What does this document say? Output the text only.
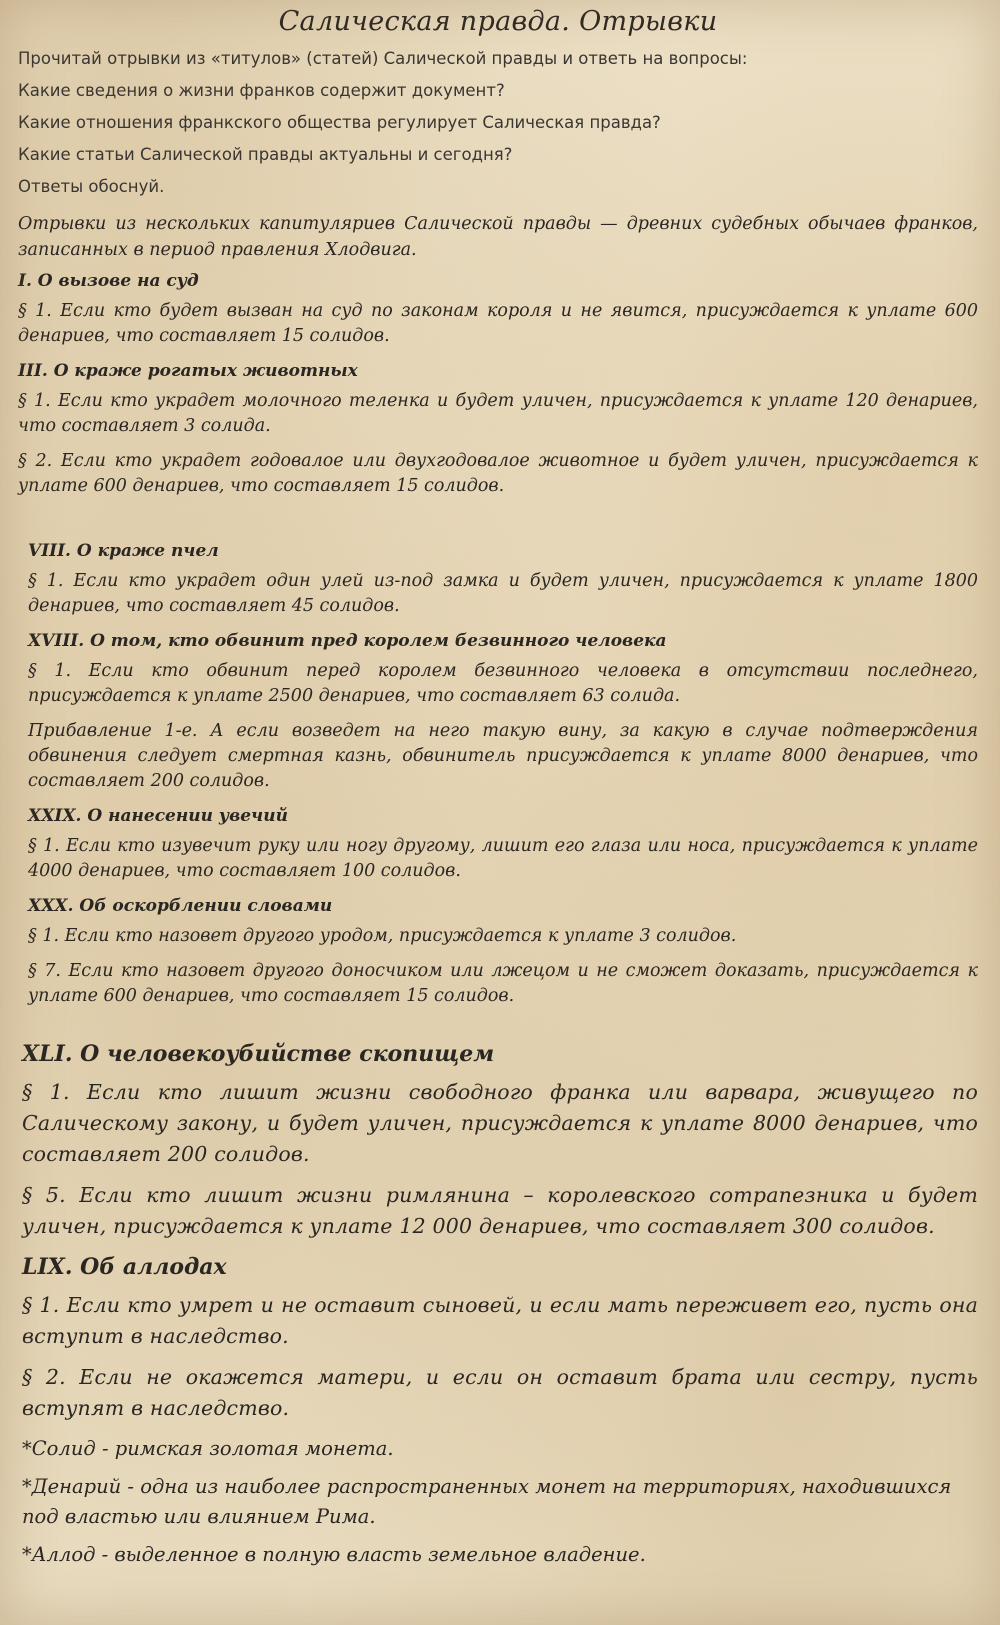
Салическая правда. Отрывки

Прочитай отрывки из «титулов» (статей) Салической правды и ответь на вопросы:

Какие сведения о жизни франков содержит документ?

Какие отношения франкского общества регулирует Салическая правда?

Какие статьи Салической правды актуальны и сегодня?

Ответы обоснуй.

Отрывки из нескольких капитуляриев Салической правды — древних судебных обычаев франков, записанных в период правления Хлодвига.

I. О вызове на суд

§ 1. Если кто будет вызван на суд по законам короля и не явится, присуждается к уплате 600 денариев, что составляет 15 солидов.

III. О краже рогатых животных

§ 1. Если кто украдет молочного теленка и будет уличен, присуждается к уплате 120 денариев, что составляет 3 солида.

§ 2. Если кто украдет годовалое или двухгодовалое животное и будет уличен, присуждается к уплате 600 денариев, что составляет 15 солидов.

VIII. О краже пчел

§ 1. Если кто украдет один улей из-под замка и будет уличен, присуждается к уплате 1800 денариев, что составляет 45 солидов.

XVIII. О том, кто обвинит пред королем безвинного человека

§ 1. Если кто обвинит перед королем безвинного человека в отсутствии последнего, присуждается к уплате 2500 денариев, что составляет 63 солида.

Прибавление 1-е. А если возведет на него такую вину, за какую в случае подтверждения обвинения следует смертная казнь, обвинитель присуждается к уплате 8000 денариев, что составляет 200 солидов.

XXIX. О нанесении увечий

§ 1. Если кто изувечит руку или ногу другому, лишит его глаза или носа, присуждается к уплате 4000 денариев, что составляет 100 солидов.

XXX. Об оскорблении словами

§ 1. Если кто назовет другого уродом, присуждается к уплате 3 солидов.

§ 7. Если кто назовет другого доносчиком или лжецом и не сможет доказать, присуждается к уплате 600 денариев, что составляет 15 солидов.

XLI. О человекоубийстве скопищем

§ 1. Если кто лишит жизни свободного франка или варвара, живущего по Салическому закону, и будет уличен, присуждается к уплате 8000 денариев, что составляет 200 солидов.

§ 5. Если кто лишит жизни римлянина – королевского сотрапезника и будет уличен, присуждается к уплате 12 000 денариев, что составляет 300 солидов.

LIX. Об аллодах

§ 1. Если кто умрет и не оставит сыновей, и если мать переживет его, пусть она вступит в наследство.

§ 2. Если не окажется матери, и если он оставит брата или сестру, пусть вступят в наследство.

*Солид - римская золотая монета.

*Денарий - одна из наиболее распространенных монет на территориях, находившихся под властью или влиянием Рима.

*Аллод - выделенное в полную власть земельное владение.
